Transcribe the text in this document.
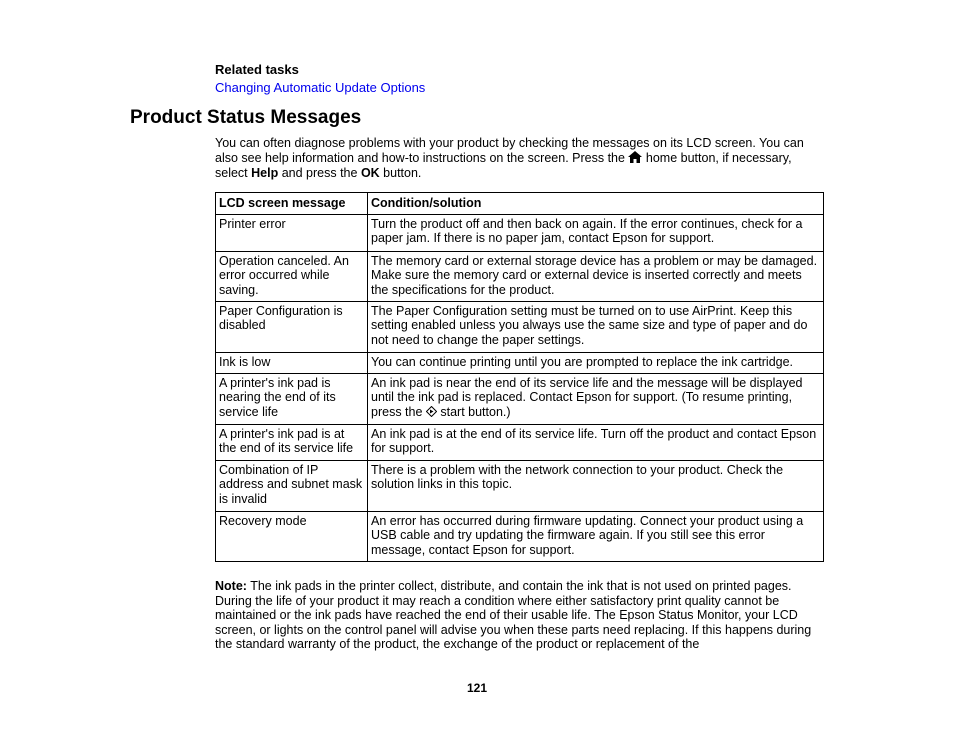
Related tasks
Changing Automatic Update Options
Product Status Messages

You can often diagnose problems with your product by checking the messages on its LCD screen. You can also see help information and how-to instructions on the screen. Press the  home button, if necessary, select Help and press the OK button.

LCD screen message	Condition/solution
Printer error	Turn the product off and then back on again. If the error continues, check for a paper jam. If there is no paper jam, contact Epson for support.
Operation canceled. An error occurred while saving.	The memory card or external storage device has a problem or may be damaged. Make sure the memory card or external device is inserted correctly and meets the specifications for the product.
Paper Configuration is disabled	The Paper Configuration setting must be turned on to use AirPrint. Keep this setting enabled unless you always use the same size and type of paper and do not need to change the paper settings.
Ink is low	You can continue printing until you are prompted to replace the ink cartridge.
A printer's ink pad is nearing the end of its service life	An ink pad is near the end of its service life and the message will be displayed until the ink pad is replaced. Contact Epson for support. (To resume printing, press the  start button.)
A printer's ink pad is at the end of its service life	An ink pad is at the end of its service life. Turn off the product and contact Epson for support.
Combination of IP address and subnet mask is invalid	There is a problem with the network connection to your product. Check the solution links in this topic.
Recovery mode	An error has occurred during firmware updating. Connect your product using a USB cable and try updating the firmware again. If you still see this error message, contact Epson for support.

Note: The ink pads in the printer collect, distribute, and contain the ink that is not used on printed pages. During the life of your product it may reach a condition where either satisfactory print quality cannot be maintained or the ink pads have reached the end of their usable life. The Epson Status Monitor, your LCD screen, or lights on the control panel will advise you when these parts need replacing. If this happens during the standard warranty of the product, the exchange of the product or replacement of the

121
